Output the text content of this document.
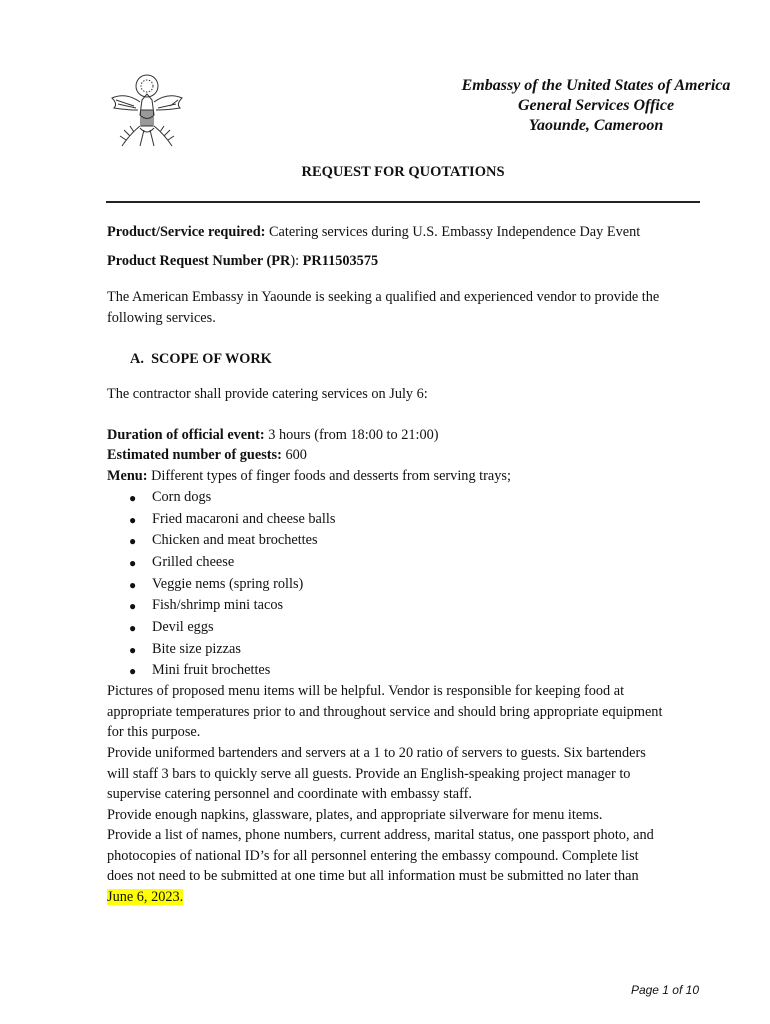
Embassy of the United States of America
General Services Office
Yaounde, Cameroon
REQUEST FOR QUOTATIONS
Product/Service required: Catering services during U.S. Embassy Independence Day Event
Product Request Number (PR): PR11503575
The American Embassy in Yaounde is seeking a qualified and experienced vendor to provide the
following services.
A. SCOPE OF WORK
The contractor shall provide catering services on July 6:
Duration of official event: 3 hours (from 18:00 to 21:00)
Estimated number of guests: 600
Menu: Different types of finger foods and desserts from serving trays;
● Corn dogs
● Fried macaroni and cheese balls
● Chicken and meat brochettes
● Grilled cheese
● Veggie nems (spring rolls)
● Fish/shrimp mini tacos
● Devil eggs
● Bite size pizzas
● Mini fruit brochettes
Pictures of proposed menu items will be helpful. Vendor is responsible for keeping food at
appropriate temperatures prior to and throughout service and should bring appropriate equipment
for this purpose.
Provide uniformed bartenders and servers at a 1 to 20 ratio of servers to guests. Six bartenders
will staff 3 bars to quickly serve all guests. Provide an English-speaking project manager to
supervise catering personnel and coordinate with embassy staff.
Provide enough napkins, glassware, plates, and appropriate silverware for menu items.
Provide a list of names, phone numbers, current address, marital status, one passport photo, and
photocopies of national ID’s for all personnel entering the embassy compound. Complete list
does not need to be submitted at one time but all information must be submitted no later than
June 6, 2023.
Page 1 of 10
